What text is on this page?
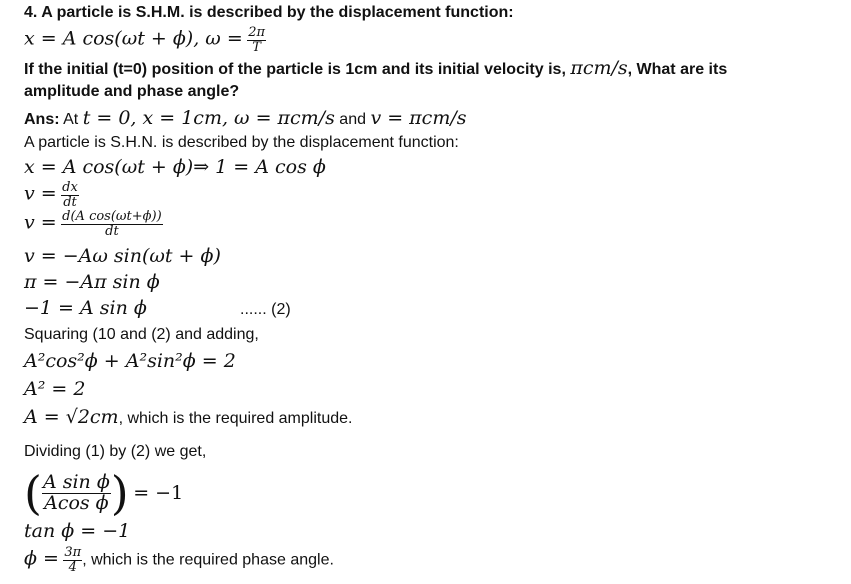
4. A particle is S.H.M. is described by the displacement function:
x = A cos(ωt + ϕ), $\omega = \frac{2\pi}{T}$
If the initial (t=0) position of the particle is 1cm and its initial velocity is, πcm/s, What are its
amplitude and phase angle?
Ans: At t = 0, x = 1cm, ω = πcm/s and v = πcm/s
A particle is S.H.N. is described by the displacement function:
x = A cos(ωt + ϕ)⇒ 1 = A cos ϕ
$v = \frac{dx}{dt}$
$v = \frac{\text{d(A cos(ωt+ϕ))}}{dt}$
v = −Aω sin(ωt + ϕ)
π = −Aπ sin ϕ
−1 = A sin ϕ	...... (2)
Squaring (10 and (2) and adding,
A²cos²ϕ + A²sin²ϕ = 2
A² = 2
A = √2cm, which is the required amplitude.
Dividing (1) by (2) we get,
( $\frac{\text{A sin ϕ}}{\text{Acos ϕ}}$ ) = −1
tan ϕ = −1
$\phi = \frac{3\pi}{4}$ , which is the required phase angle.
